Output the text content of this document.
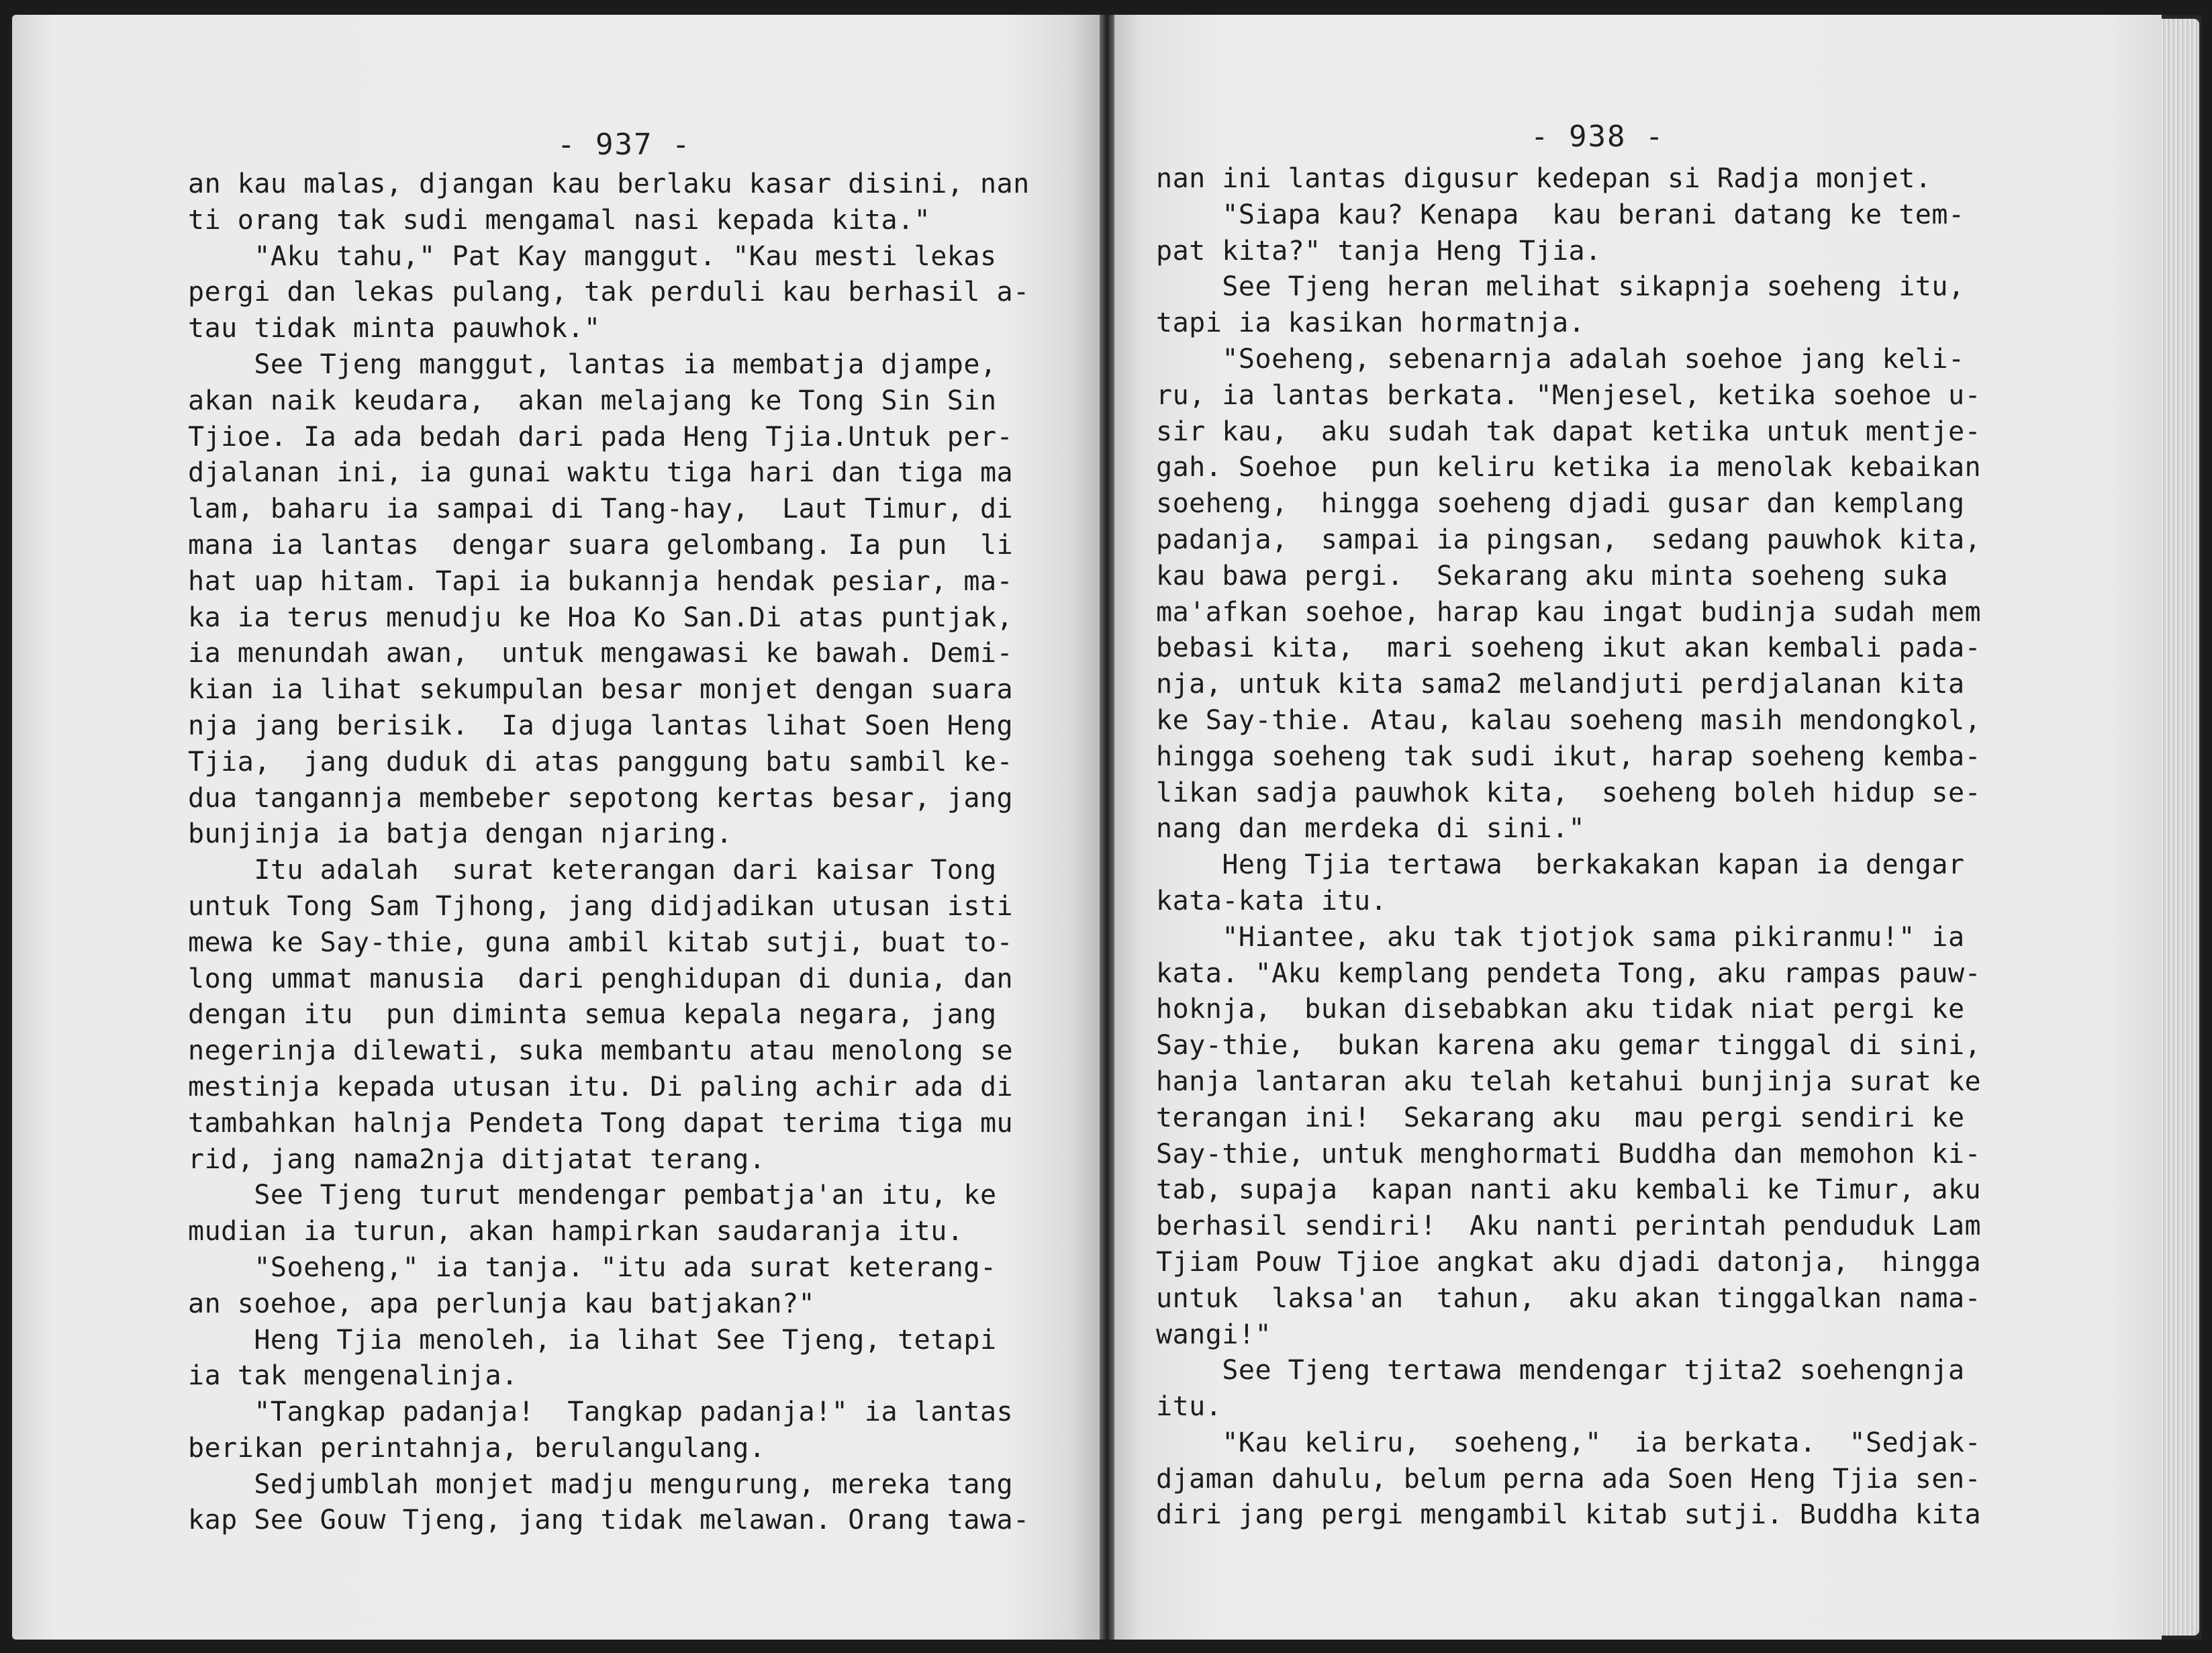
- 937 -

an kau malas, djangan kau berlaku kasar disini, nan
ti orang tak sudi mengamal nasi kepada kita."
"Aku tahu," Pat Kay manggut. "Kau mesti lekas
pergi dan lekas pulang, tak perduli kau berhasil a-
tau tidak minta pauwhok."
See Tjeng manggut, lantas ia membatja djampe,
akan naik keudara,  akan melajang ke Tong Sin Sin
Tjioe. Ia ada bedah dari pada Heng Tjia.Untuk per-
djalanan ini, ia gunai waktu tiga hari dan tiga ma
lam, baharu ia sampai di Tang-hay,  Laut Timur, di
mana ia lantas  dengar suara gelombang. Ia pun  li
hat uap hitam. Tapi ia bukannja hendak pesiar, ma-
ka ia terus menudju ke Hoa Ko San.Di atas puntjak,
ia menundah awan,  untuk mengawasi ke bawah. Demi-
kian ia lihat sekumpulan besar monjet dengan suara
nja jang berisik.  Ia djuga lantas lihat Soen Heng
Tjia,  jang duduk di atas panggung batu sambil ke-
dua tangannja membeber sepotong kertas besar, jang
bunjinja ia batja dengan njaring.
Itu adalah  surat keterangan dari kaisar Tong
untuk Tong Sam Tjhong, jang didjadikan utusan isti
mewa ke Say-thie, guna ambil kitab sutji, buat to-
long ummat manusia  dari penghidupan di dunia, dan
dengan itu  pun diminta semua kepala negara, jang
negerinja dilewati, suka membantu atau menolong se
mestinja kepada utusan itu. Di paling achir ada di
tambahkan halnja Pendeta Tong dapat terima tiga mu
rid, jang nama2nja ditjatat terang.
See Tjeng turut mendengar pembatja'an itu, ke
mudian ia turun, akan hampirkan saudaranja itu.
"Soeheng," ia tanja. "itu ada surat keterang-
an soehoe, apa perlunja kau batjakan?"
Heng Tjia menoleh, ia lihat See Tjeng, tetapi
ia tak mengenalinja.
"Tangkap padanja!  Tangkap padanja!" ia lantas
berikan perintahnja, berulangulang.
Sedjumblah monjet madju mengurung, mereka tang
kap See Gouw Tjeng, jang tidak melawan. Orang tawa-

- 938 -

nan ini lantas digusur kedepan si Radja monjet.
"Siapa kau? Kenapa  kau berani datang ke tem-
pat kita?" tanja Heng Tjia.
See Tjeng heran melihat sikapnja soeheng itu,
tapi ia kasikan hormatnja.
"Soeheng, sebenarnja adalah soehoe jang keli-
ru, ia lantas berkata. "Menjesel, ketika soehoe u-
sir kau,  aku sudah tak dapat ketika untuk mentje-
gah. Soehoe  pun keliru ketika ia menolak kebaikan
soeheng,  hingga soeheng djadi gusar dan kemplang
padanja,  sampai ia pingsan,  sedang pauwhok kita,
kau bawa pergi.  Sekarang aku minta soeheng suka
ma'afkan soehoe, harap kau ingat budinja sudah mem
bebasi kita,  mari soeheng ikut akan kembali pada-
nja, untuk kita sama2 melandjuti perdjalanan kita
ke Say-thie. Atau, kalau soeheng masih mendongkol,
hingga soeheng tak sudi ikut, harap soeheng kemba-
likan sadja pauwhok kita,  soeheng boleh hidup se-
nang dan merdeka di sini."
Heng Tjia tertawa  berkakakan kapan ia dengar
kata-kata itu.
"Hiantee, aku tak tjotjok sama pikiranmu!" ia
kata. "Aku kemplang pendeta Tong, aku rampas pauw-
hoknja,  bukan disebabkan aku tidak niat pergi ke
Say-thie,  bukan karena aku gemar tinggal di sini,
hanja lantaran aku telah ketahui bunjinja surat ke
terangan ini!  Sekarang aku  mau pergi sendiri ke
Say-thie, untuk menghormati Buddha dan memohon ki-
tab, supaja  kapan nanti aku kembali ke Timur, aku
berhasil sendiri!  Aku nanti perintah penduduk Lam
Tjiam Pouw Tjioe angkat aku djadi datonja,  hingga
untuk  laksa'an  tahun,  aku akan tinggalkan nama-
wangi!"
See Tjeng tertawa mendengar tjita2 soehengnja
itu.
"Kau keliru,  soeheng,"  ia berkata.  "Sedjak-
djaman dahulu, belum perna ada Soen Heng Tjia sen-
diri jang pergi mengambil kitab sutji. Buddha kita
